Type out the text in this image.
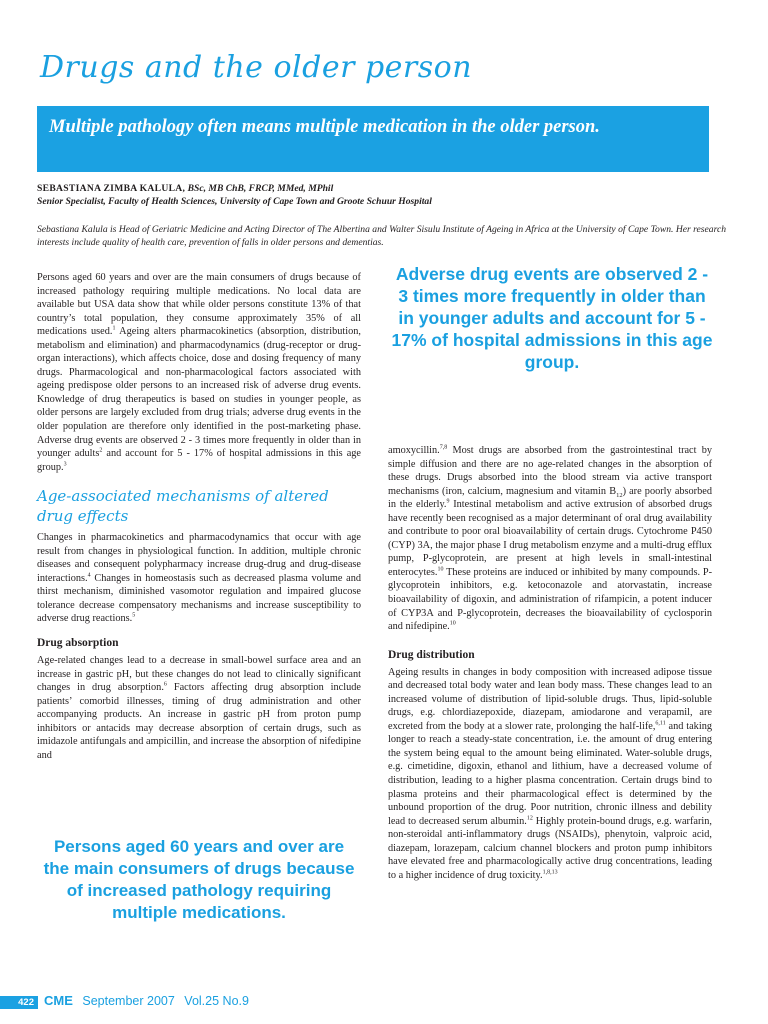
Drugs and the older person

Multiple pathology often means multiple medication in the older person.

SEBASTIANA ZIMBA KALULA, BSc, MB ChB, FRCP, MMed, MPhil
Senior Specialist, Faculty of Health Sciences, University of Cape Town and Groote Schuur Hospital

Sebastiana Kalula is Head of Geriatric Medicine and Acting Director of The Albertina and Walter Sisulu Institute of Ageing in Africa at the University of Cape Town. Her research interests include quality of health care, prevention of falls in older persons and dementias.

Persons aged 60 years and over are the main consumers of drugs because of increased pathology requiring multiple medications. No local data are available but USA data show that while older persons constitute 13% of that country’s total population, they consume approximately 35% of all medications used.$^1$ Ageing alters pharmacokinetics (absorption, distribution, metabolism and elimination) and pharmacodynamics (drug-receptor or drug-organ interactions), which affects choice, dose and dosing frequency of many drugs. Pharmacological and non-pharmacological factors associated with ageing predispose older persons to an increased risk of adverse drug events. Knowledge of drug therapeutics is based on studies in younger people, as older persons are largely excluded from drug trials; adverse drug events in the older population are therefore only identified in the post-marketing phase. Adverse drug events are observed 2 - 3 times more frequently in older than in younger adults$^2$ and account for 5 - 17% of hospital admissions in this age group.$^3$

Age-associated mechanisms of altered drug effects

Changes in pharmacokinetics and pharmacodynamics that occur with age result from changes in physiological function. In addition, multiple chronic diseases and consequent polypharmacy increase drug-drug and drug-disease interactions.$^4$ Changes in homeostasis such as decreased plasma volume and thirst mechanism, diminished vasomotor regulation and impaired glucose tolerance decrease compensatory mechanisms and increase susceptibility to adverse drug reactions.$^5$

Drug absorption

Age-related changes lead to a decrease in small-bowel surface area and an increase in gastric pH, but these changes do not lead to clinically significant changes in drug absorption.$^6$ Factors affecting drug absorption include patients’ comorbid illnesses, timing of drug administration and other accompanying products. An increase in gastric pH from proton pump inhibitors or antacids may decrease absorption of certain drugs, such as imidazole antifungals and ampicillin, and increase the absorption of nifedipine and

Adverse drug events are observed 2 - 3 times more frequently in older than in younger adults and account for 5 - 17% of hospital admissions in this age group.

amoxycillin.$^{7,8}$ Most drugs are absorbed from the gastrointestinal tract by simple diffusion and there are no age-related changes in the absorption of these drugs. Drugs absorbed into the blood stream via active transport mechanisms (iron, calcium, magnesium and vitamin $B_{12}$) are poorly absorbed in the elderly.$^9$ Intestinal metabolism and active extrusion of absorbed drugs have recently been recognised as a major determinant of oral drug availability and contribute to poor oral bioavailability of certain drugs. Cytochrome P450 (CYP) 3A, the major phase I drug metabolism enzyme and a multi-drug efflux pump, P-glycoprotein, are present at high levels in small-intestinal enterocytes.$^{10}$ These proteins are induced or inhibited by many compounds. P-glycoprotein inhibitors, e.g. ketoconazole and atorvastatin, increase bioavailability of digoxin, and administration of rifampicin, a potent inducer of CYP3A and P-glycoprotein, decreases the bioavailability of cyclosporin and nifedipine.$^{10}$

Drug distribution

Ageing results in changes in body composition with increased adipose tissue and decreased total body water and lean body mass. These changes lead to an increased volume of distribution of lipid-soluble drugs. Thus, lipid-soluble drugs, e.g. chlordiazepoxide, diazepam, amiodarone and verapamil, are excreted from the body at a slower rate, prolonging the half-life,$^{6,11}$ and taking longer to reach a steady-state concentration, i.e. the amount of drug entering the system being equal to the amount being eliminated. Water-soluble drugs, e.g. cimetidine, digoxin, ethanol and lithium, have a decreased volume of distribution, leading to a higher plasma concentration. Certain drugs bind to plasma proteins and their pharmacological effect is determined by the unbound proportion of the drug. Poor nutrition, chronic illness and debility lead to decreased serum albumin.$^{12}$ Highly protein-bound drugs, e.g. warfarin, non-steroidal anti-inflammatory drugs (NSAIDs), phenytoin, valproic acid, diazepam, lorazepam, calcium channel blockers and proton pump inhibitors have elevated free and pharmacologically active drug concentrations, leading to a higher incidence of drug toxicity.$^{1,8,13}$

Persons aged 60 years and over are the main consumers of drugs because of increased pathology requiring multiple medications.

422 CME September 2007 Vol.25 No.9
